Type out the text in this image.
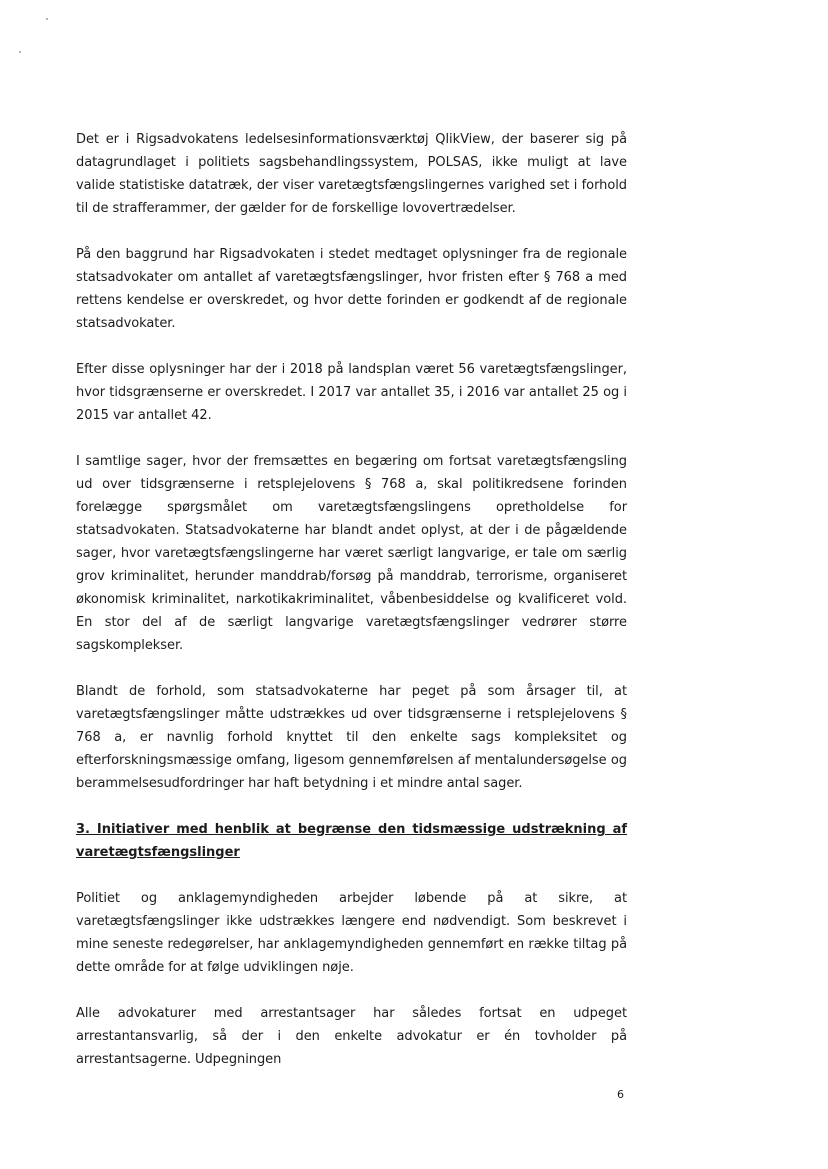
Det er i Rigsadvokatens ledelsesinformationsværktøj QlikView, der baserer sig på datagrundlaget i politiets sagsbehandlingssystem, POLSAS, ikke muligt at lave valide statistiske datatræk, der viser varetægtsfængslingernes varighed set i forhold til de strafferammer, der gælder for de forskellige lovovertrædelser.

På den baggrund har Rigsadvokaten i stedet medtaget oplysninger fra de regionale statsadvokater om antallet af varetægtsfængslinger, hvor fristen efter § 768 a med rettens kendelse er overskredet, og hvor dette forinden er godkendt af de regionale statsadvokater.

Efter disse oplysninger har der i 2018 på landsplan været 56 varetægtsfængslinger, hvor tidsgrænserne er overskredet. I 2017 var antallet 35, i 2016 var antallet 25 og i 2015 var antallet 42.

I samtlige sager, hvor der fremsættes en begæring om fortsat varetægtsfængsling ud over tidsgrænserne i retsplejelovens § 768 a, skal politikredsene forinden forelægge spørgsmålet om varetægtsfængslingens opretholdelse for statsadvokaten. Statsadvokaterne har blandt andet oplyst, at der i de pågældende sager, hvor varetægtsfængslingerne har været særligt langvarige, er tale om særlig grov kriminalitet, herunder manddrab/forsøg på manddrab, terrorisme, organiseret økonomisk kriminalitet, narkotikakriminalitet, våbenbesiddelse og kvalificeret vold. En stor del af de særligt langvarige varetægtsfængslinger vedrører større sagskomplekser.

Blandt de forhold, som statsadvokaterne har peget på som årsager til, at varetægtsfængslinger måtte udstrækkes ud over tidsgrænserne i retsplejelovens § 768 a, er navnlig forhold knyttet til den enkelte sags kompleksitet og efterforskningsmæssige omfang, ligesom gennemførelsen af mentalundersøgelse og berammelsesudfordringer har haft betydning i et mindre antal sager.

3. Initiativer med henblik at begrænse den tidsmæssige udstrækning af varetægtsfængslinger

Politiet og anklagemyndigheden arbejder løbende på at sikre, at varetægtsfængslinger ikke udstrækkes længere end nødvendigt. Som beskrevet i mine seneste redegørelser, har anklagemyndigheden gennemført en række tiltag på dette område for at følge udviklingen nøje.

Alle advokaturer med arrestantsager har således fortsat en udpeget arrestantansvarlig, så der i den enkelte advokatur er én tovholder på arrestantsagerne. Udpegningen

6
